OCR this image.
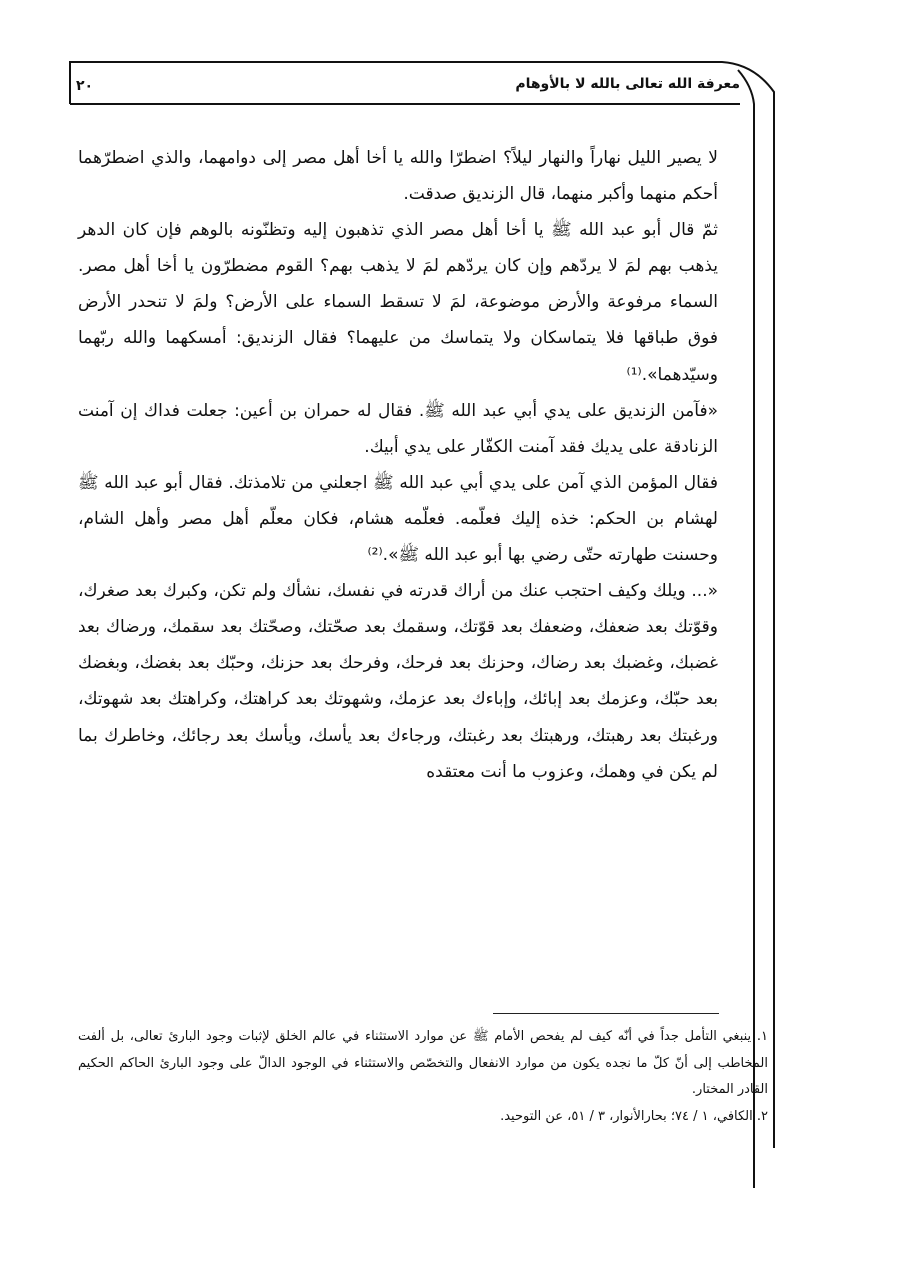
معرفة الله تعالى بالله لا بالأوهام
٢٠

لا يصير الليل نهاراً والنهار ليلاً؟ اضطرّا والله يا أخا أهل مصر إلى دوامهما، والذي اضطرّهما أحكم منهما وأكبر منهما، قال الزنديق صدقت.

ثمّ قال أبو عبد الله ﷺ يا أخا أهل مصر الذي تذهبون إليه وتظنّونه بالوهم فإن كان الدهر يذهب بهم لمَ لا يردّهم وإن كان يردّهم لمَ لا يذهب بهم؟ القوم مضطرّون يا أخا أهل مصر. السماء مرفوعة والأرض موضوعة، لمَ لا تسقط السماء على الأرض؟ ولمَ لا تنحدر الأرض فوق طباقها فلا يتماسكان ولا يتماسك من عليهما؟ فقال الزنديق: أمسكهما والله ربّهما وسيّدهما».⁽¹⁾

«فآمن الزنديق على يدي أبي عبد الله ﷺ. فقال له حمران بن أعين: جعلت فداك إن آمنت الزنادقة على يديك فقد آمنت الكفّار على يدي أبيك.

فقال المؤمن الذي آمن على يدي أبي عبد الله ﷺ اجعلني من تلامذتك. فقال أبو عبد الله ﷺ لهشام بن الحكم: خذه إليك فعلّمه. فعلّمه هشام، فكان معلّم أهل مصر وأهل الشام، وحسنت طهارته حتّى رضي بها أبو عبد الله ﷺ».⁽²⁾

«... ويلك وكيف احتجب عنك من أراك قدرته في نفسك، نشأك ولم تكن، وكبرك بعد صغرك، وقوّتك بعد ضعفك، وضعفك بعد قوّتك، وسقمك بعد صحّتك، وصحّتك بعد سقمك، ورضاك بعد غضبك، وغضبك بعد رضاك، وحزنك بعد فرحك، وفرحك بعد حزنك، وحبّك بعد بغضك، وبغضك بعد حبّك، وعزمك بعد إبائك، وإباءك بعد عزمك، وشهوتك بعد كراهتك، وكراهتك بعد شهوتك، ورغبتك بعد رهبتك، ورهبتك بعد رغبتك، ورجاءك بعد يأسك، ويأسك بعد رجائك، وخاطرك بما لم يكن في وهمك، وعزوب ما أنت معتقده

١. ينبغي التأمل جداً في أنّه كيف لم يفحص الأمام ﷺ عن موارد الاستثناء في عالم الخلق لإثبات وجود البارئ تعالى، بل ألفت المخاطب إلى أنّ كلّ ما نجده يكون من موارد الانفعال والتخصّص والاستثناء في الوجود الدالّ على وجود البارئ الحاكم الحكيم القادر المختار.

٢. الكافي، ١ / ٧٤؛ بحارالأنوار، ٣ / ٥١، عن التوحيد.
